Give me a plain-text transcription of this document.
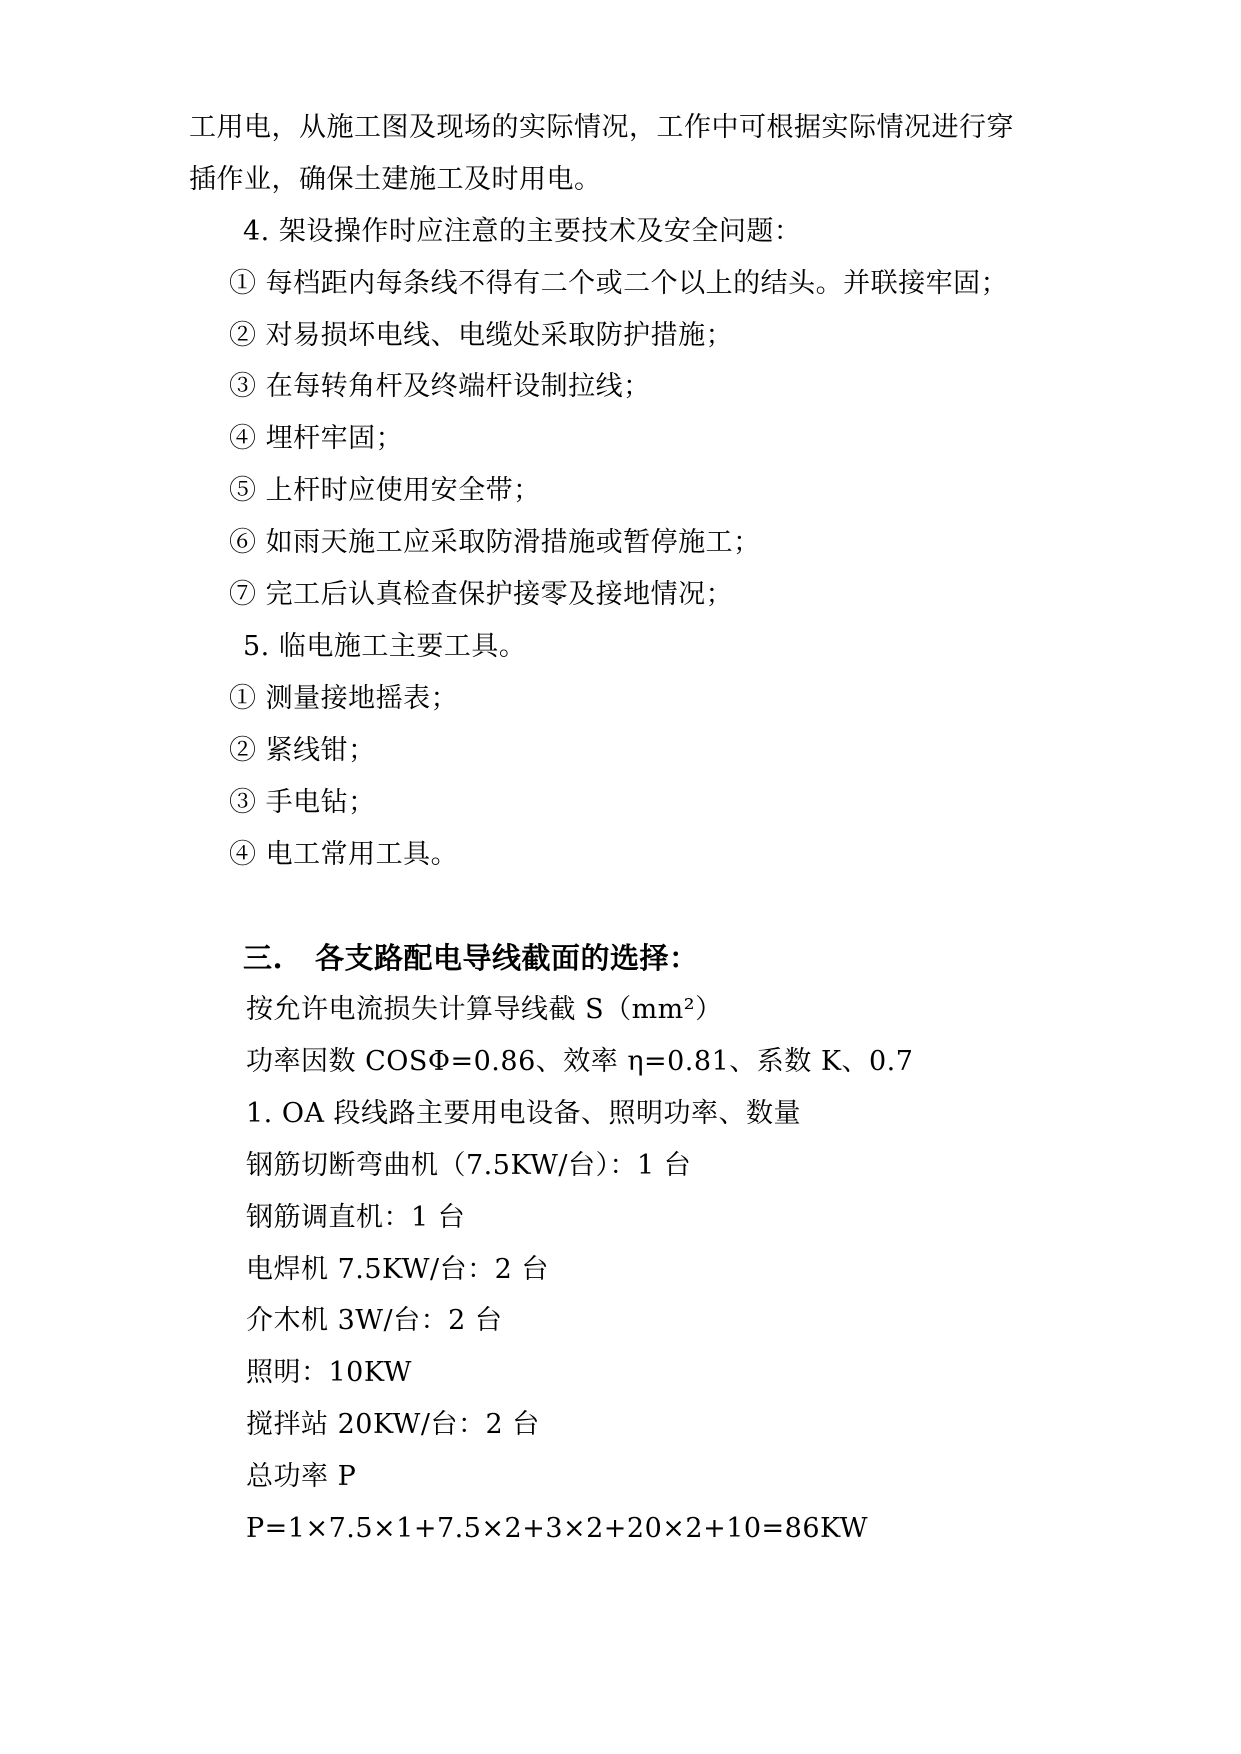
工用电，从施工图及现场的实际情况，工作中可根据实际情况进行穿
插作业，确保土建施工及时用电。
4. 架设操作时应注意的主要技术及安全问题：
① 每档距内每条线不得有二个或二个以上的结头。并联接牢固；
② 对易损坏电线、电缆处采取防护措施；
③ 在每转角杆及终端杆设制拉线；
④ 埋杆牢固；
⑤ 上杆时应使用安全带；
⑥ 如雨天施工应采取防滑措施或暂停施工；
⑦ 完工后认真检查保护接零及接地情况；
5. 临电施工主要工具。
① 测量接地摇表；
② 紧线钳；
③ 手电钻；
④ 电工常用工具。
三. 各支路配电导线截面的选择：
按允许电流损失计算导线截 S（mm²）
功率因数 COSΦ=0.86、效率 η=0.81、系数 K、0.7
1. OA 段线路主要用电设备、照明功率、数量
钢筋切断弯曲机（7.5KW/台）：1 台
钢筋调直机：1 台
电焊机 7.5KW/台：2 台
介木机 3W/台：2 台
照明：10KW
搅拌站 20KW/台：2 台
总功率 P
P=1×7.5×1+7.5×2+3×2+20×2+10=86KW
